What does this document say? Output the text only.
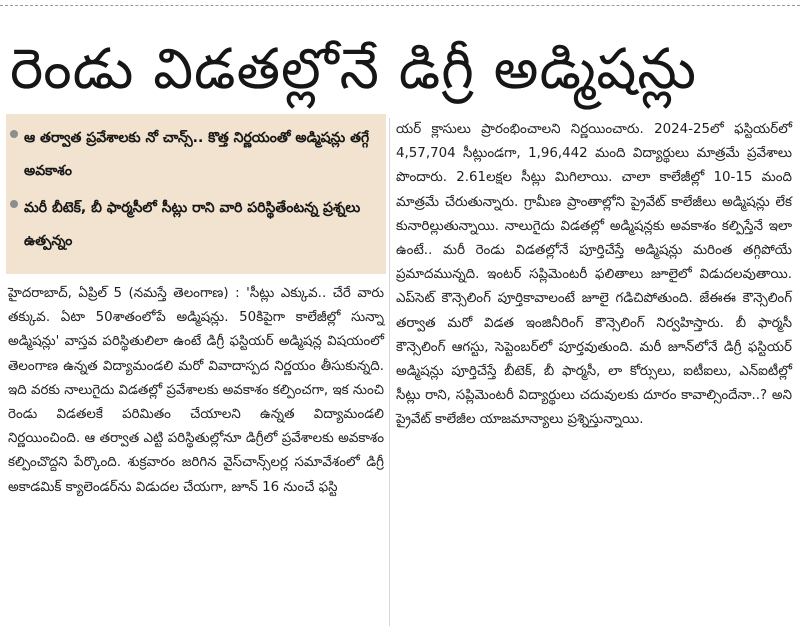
రెండు విడతల్లోనే డిగ్రీ అడ్మిషన్లు
ఆ తర్వాత ప్రవేశాలకు నో చాన్స్.. కొత్త నిర్ణయంతో అడ్మిషన్లు తగ్గే అవకాశం
మరీ బీటెక్, బీ ఫార్మసీలో సీట్లు రాని వారి పరిస్థితేంటన్న ప్రశ్నలు ఉత్పన్నం

హైదరాబాద్, ఏప్రిల్ 5 (నమస్తే తెలంగాణ) : 'సీట్లు ఎక్కువ.. చేరే వారు తక్కువ. ఏటా 50శాతంలోపే అడ్మిషన్లు. 50కిపైగా కాలేజీల్లో సున్నా అడ్మిషన్లు' వాస్తవ పరిస్థితులిలా ఉంటే డిగ్రీ ఫస్టియర్ అడ్మిషన్ల విషయంలో తెలంగాణ ఉన్నత విద్యామండలి మరో వివాదాస్పద నిర్ణయం తీసుకున్నది. ఇది వరకు నాలుగైదు విడతల్లో ప్రవేశాలకు అవకాశం కల్పించగా, ఇక నుంచి రెండు విడతలకే పరిమితం చేయాలని ఉన్నత విద్యామండలి నిర్ణయించింది. ఆ తర్వాత ఎట్టి పరిస్థితుల్లోనూ డిగ్రీలో ప్రవేశాలకు అవకాశం కల్పించొద్దని పేర్కొంది. శుక్రవారం జరిగిన వైస్‌చాన్స్‌లర్ల సమావేశంలో డిగ్రీ అకాడమిక్ క్యాలెండర్‌ను విడుదల చేయగా, జూన్ 16 నుంచే ఫస్టి

యర్ క్లాసులు ప్రారంభించాలని నిర్ణయించారు. 2024-25లో ఫస్టియర్‌లో 4,57,704 సీట్లుండగా, 1,96,442 మంది విద్యార్థులు మాత్రమే ప్రవేశాలు పొందారు. 2.61లక్షల సీట్లు మిగిలాయి. చాలా కాలేజీల్లో 10-15 మంది మాత్రమే చేరుతున్నారు. గ్రామీణ ప్రాంతాల్లోని ప్రైవేట్ కాలేజీలు అడ్మిషన్లు లేక కునారిల్లుతున్నాయి. నాలుగైదు విడతల్లో అడ్మిషన్లకు అవకాశం కల్పిస్తేనే ఇలా ఉంటే.. మరీ రెండు విడతల్లోనే పూర్తిచేస్తే అడ్మిషన్లు మరింత తగ్గిపోయే ప్రమాదమున్నది. ఇంటర్ సప్లిమెంటరీ ఫలితాలు జూలైలో విడుదలవుతాయి. ఎప్‌సెట్ కౌన్సెలింగ్ పూర్తికావాలంటే జూలై గడిచిపోతుంది. జేఈఈ కౌన్సెలింగ్ తర్వాత మరో విడత ఇంజినీరింగ్ కౌన్సెలింగ్ నిర్వహిస్తారు. బీ ఫార్మసీ కౌన్సెలింగ్ ఆగస్టు, సెప్టెంబర్‌లో పూర్తవుతుంది. మరీ జూన్‌లోనే డిగ్రీ ఫస్టియర్ అడ్మిషన్లు పూర్తిచేస్తే బీటెక్, బీ ఫార్మసీ, లా కోర్సులు, ఐటీఐలు, ఎన్‌ఐటీల్లో సీట్లు రాని, సప్లిమెంటరీ విద్యార్థులు చదువులకు దూరం కావాల్సిందేనా..? అని ప్రైవేట్ కాలేజీల యాజమాన్యాలు ప్రశ్నిస్తున్నాయి.
